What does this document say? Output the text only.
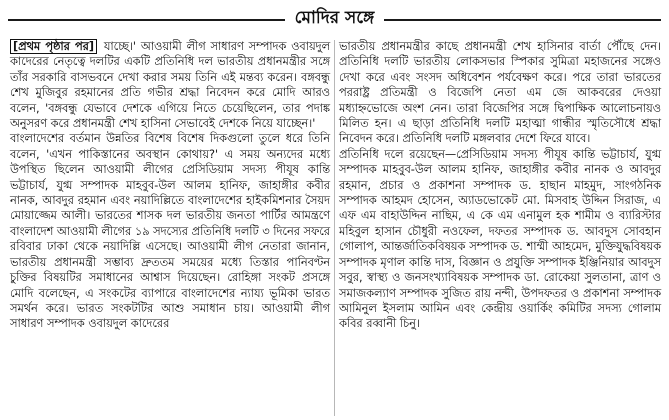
মোদির সঙ্গে

[প্রথম পৃষ্ঠার পর] যাচ্ছে।' আওয়ামী লীগ সাধারণ সম্পাদক ওবায়দুল কাদেরের নেতৃত্বে দলটির একটি প্রতিনিধি দল ভারতীয় প্রধানমন্ত্রীর সঙ্গে তাঁর সরকারি বাসভবনে দেখা করার সময় তিনি এই মন্তব্য করেন। বঙ্গবন্ধু শেখ মুজিবুর রহমানের প্রতি গভীর শ্রদ্ধা নিবেদন করে মোদি আরও বলেন, 'বঙ্গবন্ধু যেভাবে দেশকে এগিয়ে নিতে চেয়েছিলেন, তার পদাঙ্ক অনুসরণ করে প্রধানমন্ত্রী শেখ হাসিনা সেভাবেই দেশকে নিয়ে যাচ্ছেন।'

বাংলাদেশের বর্তমান উন্নতির বিশেষ বিশেষ দিকগুলো তুলে ধরে তিনি বলেন, 'এখন পাকিস্তানের অবস্থান কোথায়?' এ সময় অন্যদের মধ্যে উপস্থিত ছিলেন আওয়ামী লীগের প্রেসিডিয়াম সদস্য পীযূষ কান্তি ভট্টাচার্য, যুগ্ম সম্পাদক মাহবুব-উল আলম হানিফ, জাহাঙ্গীর কবীর নানক, আবদুর রহমান এবং নয়াদিল্লিতে বাংলাদেশের হাইকমিশনার সৈয়দ মোয়াজ্জেম আলী। ভারতের শাসক দল ভারতীয় জনতা পার্টির আমন্ত্রণে বাংলাদেশ আওয়ামী লীগের ১৯ সদস্যের প্রতিনিধি দলটি ৩ দিনের সফরে রবিবার ঢাকা থেকে নয়াদিল্লি এসেছে। আওয়ামী লীগ নেতারা জানান, ভারতীয় প্রধানমন্ত্রী সম্ভাব্য দ্রুততম সময়ের মধ্যে তিস্তার পানিবণ্টন চুক্তির বিষয়টির সমাধানের আশ্বাস দিয়েছেন। রোহিঙ্গা সংকট প্রসঙ্গে মোদি বলেছেন, এ সংকটের ব্যাপারে বাংলাদেশের ন্যায্য ভূমিকা ভারত সমর্থন করে। ভারত সংকটটির আশু সমাধান চায়। আওয়ামী লীগ সাধারণ সম্পাদক ওবায়দুল কাদেরের

ভারতীয় প্রধানমন্ত্রীর কাছে প্রধানমন্ত্রী শেখ হাসিনার বার্তা পৌঁছে দেন। প্রতিনিধি দলটি ভারতীয় লোকসভার স্পিকার সুমিত্রা মহাজনের সঙ্গেও দেখা করে এবং সংসদ অধিবেশন পর্যবেক্ষণ করে। পরে তারা ভারতের পররাষ্ট্র প্রতিমন্ত্রী ও বিজেপি নেতা এম জে আকবরের দেওয়া মধ্যাহ্নভোজে অংশ নেন। তারা বিজেপির সঙ্গে দ্বিপাক্ষিক আলোচনায়ও মিলিত হন। এ ছাড়া প্রতিনিধি দলটি মহাত্মা গান্ধীর স্মৃতিসৌধে শ্রদ্ধা নিবেদন করে। প্রতিনিধি দলটি মঙ্গলবার দেশে ফিরে যাবে।

প্রতিনিধি দলে রয়েছেন—প্রেসিডিয়াম সদস্য পীযূষ কান্তি ভট্টাচার্য, যুগ্ম সম্পাদক মাহবুব-উল আলম হানিফ, জাহাঙ্গীর কবীর নানক ও আবদুর রহমান, প্রচার ও প্রকাশনা সম্পাদক ড. হাছান মাহমুদ, সাংগঠনিক সম্পাদক আহমদ হোসেন, অ্যাডভোকেট মো. মিসবাহ উদ্দিন সিরাজ, এ এফ এম বাহাউদ্দিন নাছিম, এ কে এম এনামুল হক শামীম ও ব্যারিস্টার মহিবুল হাসান চৌধুরী নওফেল, দফতর সম্পাদক ড. আবদুস সোবহান গোলাপ, আন্তর্জাতিকবিষয়ক সম্পাদক ড. শাম্মী আহমেদ, মুক্তিযুদ্ধবিষয়ক সম্পাদক মৃণাল কান্তি দাস, বিজ্ঞান ও প্রযুক্তি সম্পাদক ইঞ্জিনিয়ার আবদুস সবুর, স্বাস্থ্য ও জনসংখ্যাবিষয়ক সম্পাদক ডা. রোকেয়া সুলতানা, ত্রাণ ও সমাজকল্যাণ সম্পাদক সুজিত রায় নন্দী, উপদফতর ও প্রকাশনা সম্পাদক আমিনুল ইসলাম আমিন এবং কেন্দ্রীয় ওয়ার্কিং কমিটির সদস্য গোলাম কবির রব্বানী চিনু।
